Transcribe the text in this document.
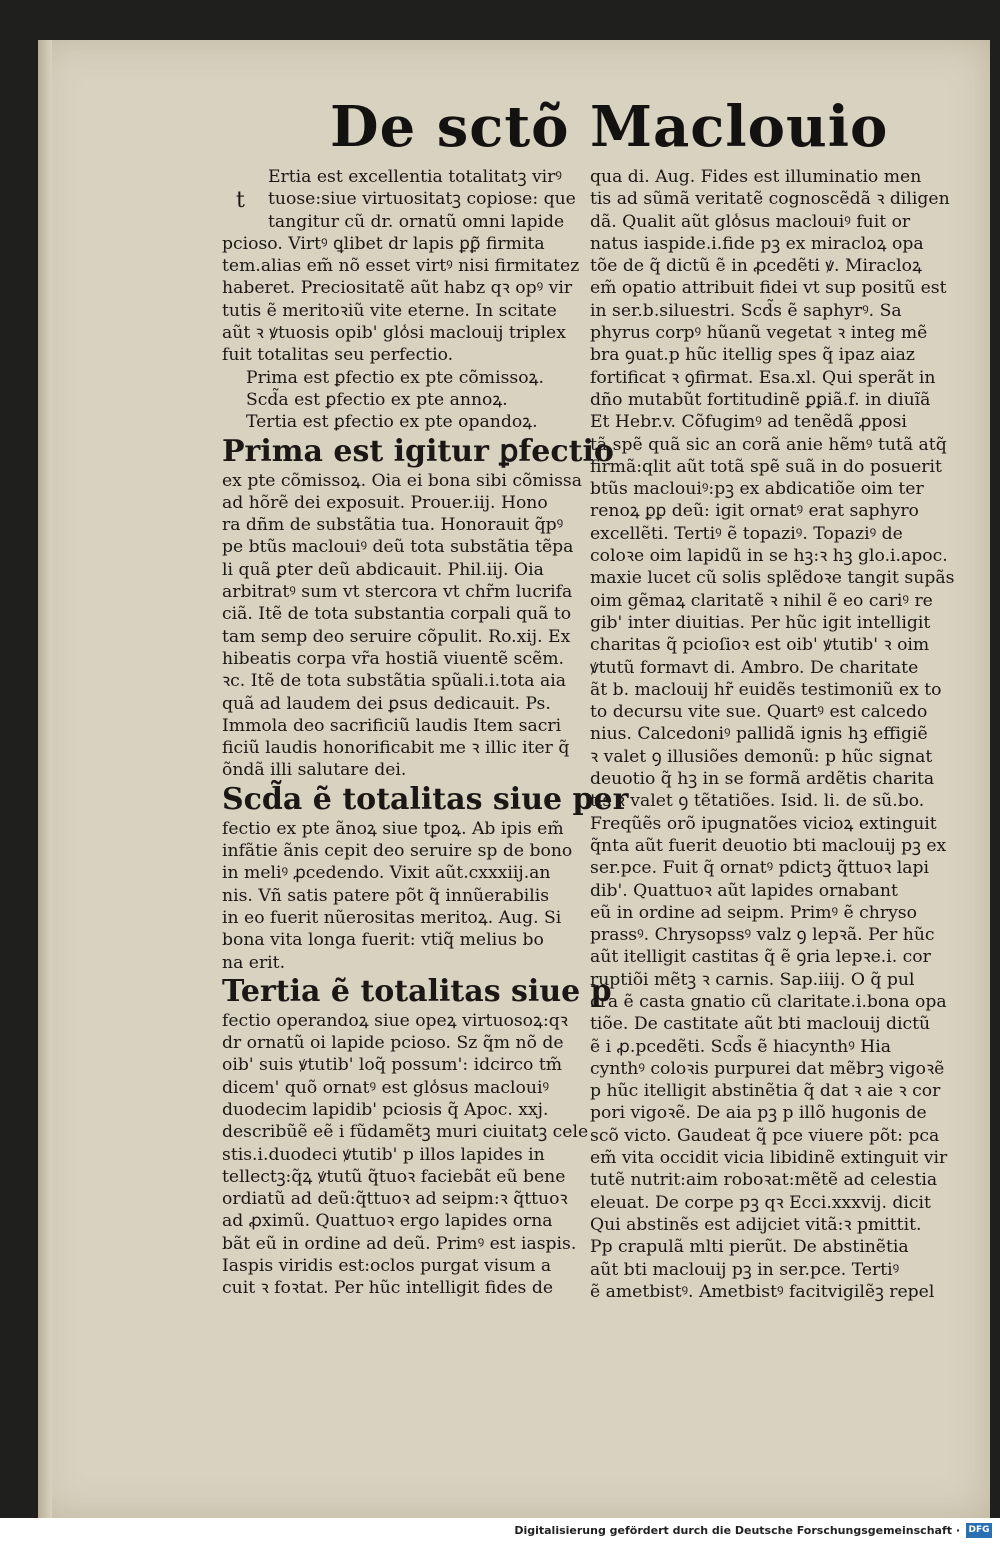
De sctõ Maclouio
t
Ertia est excellentia totalitatꝫ virꝰ
tuose:siue virtuositatꝫ copiose: que
tangitur cũ dr. ornatũ omni lapide
pcioso. Virtꝰ ꝗlibet dr lapis ꝑꝑ̃ firmita
tem.alias em̃ nõ esset virtꝰ nisi firmitatez
haberet. Preciositatẽ aũt habz qꝛ opꝰ vir
tutis ẽ meritoꝛiũ vite eterne. In scitate
aũt ꝛ ꝟtuosis opib' glo̾si maclouij triplex
fuit totalitas seu perfectio.
Prima est ꝑfectio ex pte cõmissoꝝ.
Scd̃a est ꝑfectio ex pte annoꝝ.
Tertia est ꝑfectio ex pte opandoꝝ.
Prima est igitur ꝑfectio
ex pte cõmissoꝝ. Oia ei bona sibi cõmissa
ad hõrẽ dei exposuit. Prouer.iij. Hono
ra dñm de substãtia tua. Honorauit q̃pꝰ
pe btũs maclouiꝰ deũ tota substãtia tẽpa
li quã ꝑter deũ abdicauit. Phil.iij. Oia
arbitratꝰ sum vt stercora vt chr̃m lucrifa
ciã. Itẽ de tota substantia corpali quã to
tam semp deo seruire cõpulit. Ro.xij. Ex
hibeatis corpa vr̃a hostiã viuentẽ scẽm.
ꝛc. Itẽ de tota substãtia spũali.i.tota aia
quã ad laudem dei ꝑsus dedicauit. Ps.
Immola deo sacrificiũ laudis Item sacri
ficiũ laudis honorificabit me ꝛ illic iter q̃
õndã illi salutare dei.
Scd̃a ẽ totalitas siue per
fectio ex pte ãnoꝝ siue tꝑoꝝ. Ab ipis em̃
infãtie ãnis cepit deo seruire sp de bono
in meliꝰ ꝓcedendo. Vixit aũt.cxxxiij.an
nis. Vñ satis patere põt q̃ innũerabilis
in eo fuerit nũerositas meritoꝝ. Aug. Si
bona vita longa fuerit: vtiq̃ melius bo
na erit.
Tertia ẽ totalitas siue p
fectio operandoꝝ siue opeꝝ virtuosoꝝ:qꝛ
dr ornatũ oi lapide pcioso. Sz q̃m nõ de
oib' suis ꝟtutib' loq̃ possum': idcirco tm̃
dicem' quõ ornatꝰ est glo̾sus maclouiꝰ
duodecim lapidib' pciosis q̃ Apoc. xxj.
describũẽ eẽ i fũdamẽtꝫ muri ciuitatꝫ cele
stis.i.duodeci ꝟtutib' p illos lapides in
tellectꝫ:q̃ꝝ ꝟtutũ q̃tuoꝛ faciebãt eũ bene
ordiatũ ad deũ:q̃ttuoꝛ ad seipm:ꝛ q̃ttuoꝛ
ad ꝓximũ. Quattuoꝛ ergo lapides orna
bãt eũ in ordine ad deũ. Primꝰ est iaspis.
Iaspis viridis est:oclos purgat visum a
cuit ꝛ foꝛtat. Per hũc intelligit fides de
qua di. Aug. Fides est illuminatio men
tis ad sũmã veritatẽ cognoscẽdã ꝛ diligen
dã. Qualit aũt glo̾sus maclouiꝰ fuit or
natus iaspide.i.fide pꝫ ex miracloꝝ opa
tõe de q̃ dictũ ẽ in ꝓcedẽti ꝟ. Miracloꝝ
em̃ opatio attribuit fidei vt sup positũ est
in ser.b.siluestri. Scd̃s ẽ saphyrꝰ. Sa
phyrus corpꝰ hũanũ vegetat ꝛ integ mẽ
bra ꝯuat.p hũc itellig spes q̃ ipaz aiaz
fortificat ꝛ ꝯfirmat. Esa.xl. Qui sperãt in
dño mutabũt fortitudinẽ ꝑꝑiã.f. in diuĩã
Et Hebr.v. Cõfugimꝰ ad tenẽdã ꝓposi
tã spẽ quã sic an corã anie hẽmꝰ tutã atq̃
firmã:qlit aũt totã spẽ suã in do posuerit
btũs maclouiꝰ:pꝫ ex abdicatiõe oim ter
renoꝝ ꝑꝑ deũ: igit ornatꝰ erat saphyro
excellẽti. Tertiꝰ ẽ topaziꝰ. Topaziꝰ de
coloꝛe oim lapidũ in se hꝫ:ꝛ hꝫ glo.i.apoc.
maxie lucet cũ solis splẽdoꝛe tangit supãs
oim gẽmaꝝ claritatẽ ꝛ nihil ẽ eo cariꝰ re
gib' inter diuitias. Per hũc igit intelligit
charitas q̃ pcioſioꝛ est oib' ꝟtutib' ꝛ oim
ꝟtutũ formavt di. Ambro. De charitate
ãt b. maclouij hr̃ euidẽs testimoniũ ex to
to decursu vite sue. Quartꝰ est calcedo
nius. Calcedoniꝰ pallidã ignis hꝫ effigiẽ
ꝛ valet ꝯ illusiões demonũ: p hũc signat
deuotio q̃ hꝫ in se formã ardẽtis charita
tis ꝛ valet ꝯ tẽtatiões. Isid. li. de sũ.bo.
Freqũẽs orõ ipugnatões vicioꝝ extinguit
q̃nta aũt fuerit deuotio bti maclouij pꝫ ex
ser.pce. Fuit q̃ ornatꝰ pdictꝫ q̃ttuoꝛ lapi
dib'. Quattuoꝛ aũt lapides ornabant
eũ in ordine ad seipm. Primꝰ ẽ chryso
prassꝰ. Chrysopssꝰ valz ꝯ lepꝛã. Per hũc
aũt itelligit castitas q̃ ẽ ꝯria lepꝛe.i. cor
ruptiõi mẽtꝫ ꝛ carnis. Sap.iiij. O q̃ pul
cra ẽ casta gnatio cũ claritate.i.bona opa
tiõe. De castitate aũt bti maclouij dictũ
ẽ i ꝓ.pcedẽti. Scd̃s ẽ hiacynthꝰ Hia
cynthꝰ coloꝛis purpurei dat mẽbrꝫ vigoꝛẽ
p hũc itelligit abstinẽtia q̃ dat ꝛ aie ꝛ cor
pori vigoꝛẽ. De aia pꝫ p illõ hugonis de
scõ victo. Gaudeat q̃ pce viuere põt: pca
em̃ vita occidit vicia libidinẽ extinguit vir
tutẽ nutrit:aim roboꝛat:mẽtẽ ad celestia
eleuat. De corpe pꝫ qꝛ Ecci.xxxvij. dicit
Qui abstinẽs est adijciet vitã:ꝛ pmittit.
Pp crapulã mlti pierũt. De abstinẽtia
aũt bti maclouij pꝫ in ser.pce. Tertiꝰ
ẽ ametbistꝰ. Ametbistꝰ facitvigilẽꝫ repel
Digitalisierung gefördert durch die Deutsche Forschungsgemeinschaft · DFG
